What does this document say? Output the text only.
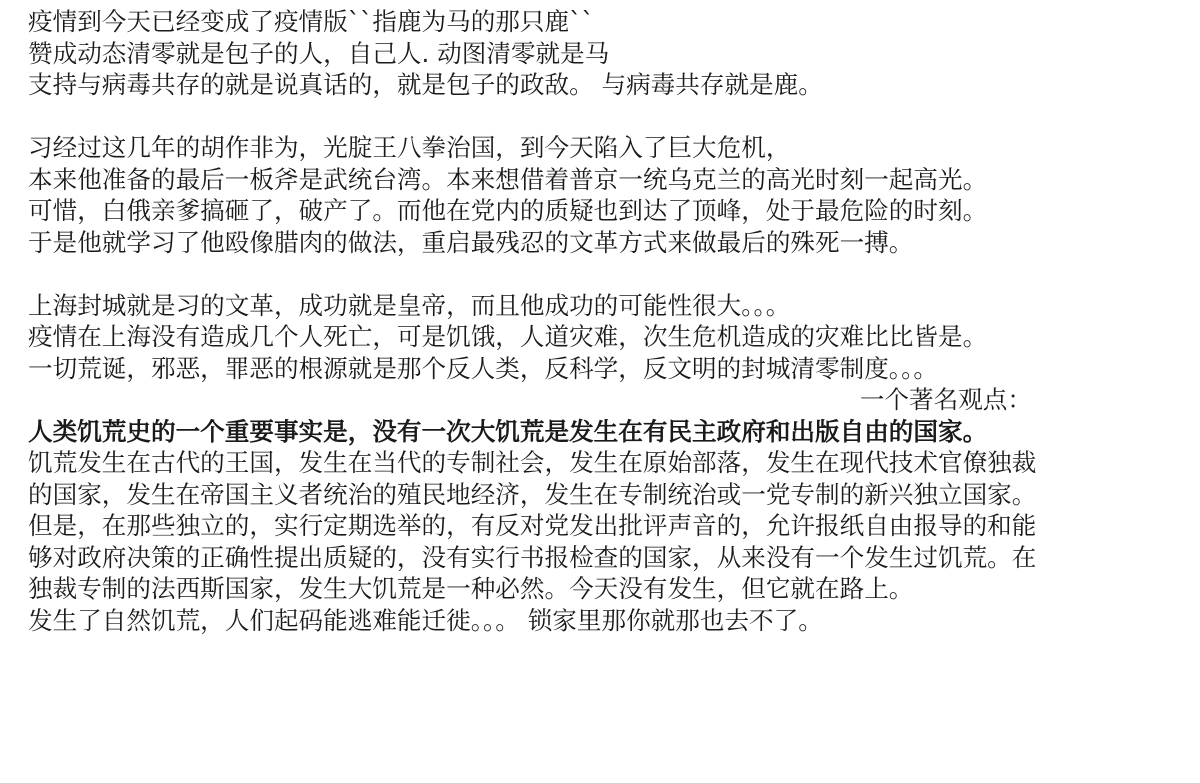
疫情到今天已经变成了疫情版``指鹿为马的那只鹿``
赞成动态清零就是包子的人，自己人. 动图清零就是马
支持与病毒共存的就是说真话的，就是包子的政敌。 与病毒共存就是鹿。
习经过这几年的胡作非为，光腚王八拳治国，到今天陷入了巨大危机，
本来他准备的最后一板斧是武统台湾。本来想借着普京一统乌克兰的高光时刻一起高光。
可惜，白俄亲爹搞砸了，破产了。而他在党内的质疑也到达了顶峰，处于最危险的时刻。
于是他就学习了他殴像腊肉的做法，重启最残忍的文革方式来做最后的殊死一搏。
上海封城就是习的文革，成功就是皇帝，而且他成功的可能性很大。。。
疫情在上海没有造成几个人死亡，可是饥饿，人道灾难，次生危机造成的灾难比比皆是。
一切荒诞，邪恶，罪恶的根源就是那个反人类，反科学，反文明的封城清零制度。。。
一个著名观点：
人类饥荒史的一个重要事实是，没有一次大饥荒是发生在有民主政府和出版自由的国家。
饥荒发生在古代的王国，发生在当代的专制社会，发生在原始部落，发生在现代技术官僚独裁
的国家，发生在帝国主义者统治的殖民地经济，发生在专制统治或一党专制的新兴独立国家。
但是，在那些独立的，实行定期选举的，有反对党发出批评声音的，允许报纸自由报导的和能
够对政府决策的正确性提出质疑的，没有实行书报检查的国家，从来没有一个发生过饥荒。在
独裁专制的法西斯国家，发生大饥荒是一种必然。今天没有发生，但它就在路上。
发生了自然饥荒，人们起码能逃难能迁徙。。。 锁家里那你就那也去不了。
